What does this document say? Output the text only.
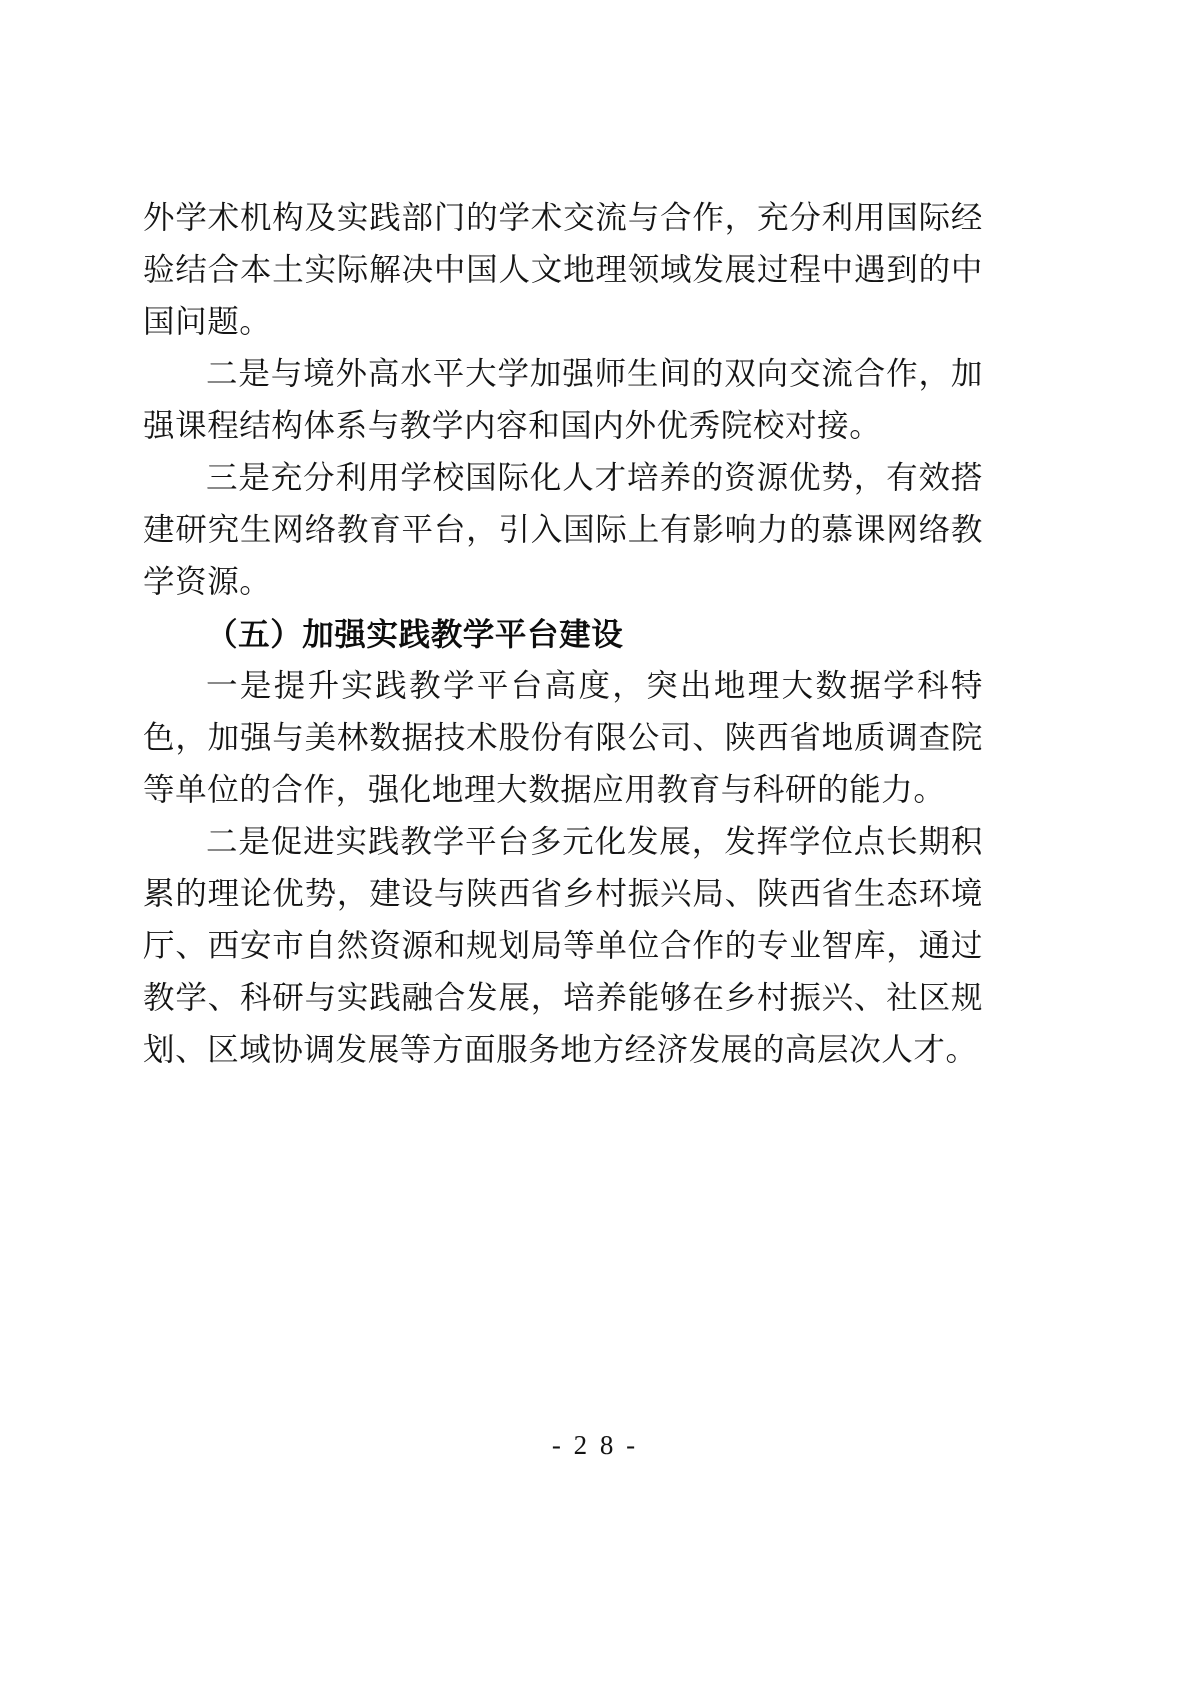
外学术机构及实践部门的学术交流与合作，充分利用国际经验结合本土实际解决中国人文地理领域发展过程中遇到的中国问题。

二是与境外高水平大学加强师生间的双向交流合作，加强课程结构体系与教学内容和国内外优秀院校对接。

三是充分利用学校国际化人才培养的资源优势，有效搭建研究生网络教育平台，引入国际上有影响力的慕课网络教学资源。

（五）加强实践教学平台建设

一是提升实践教学平台高度，突出地理大数据学科特色，加强与美林数据技术股份有限公司、陕西省地质调查院等单位的合作，强化地理大数据应用教育与科研的能力。

二是促进实践教学平台多元化发展，发挥学位点长期积累的理论优势，建设与陕西省乡村振兴局、陕西省生态环境厅、西安市自然资源和规划局等单位合作的专业智库，通过教学、科研与实践融合发展，培养能够在乡村振兴、社区规划、区域协调发展等方面服务地方经济发展的高层次人才。

- 2 8 -
